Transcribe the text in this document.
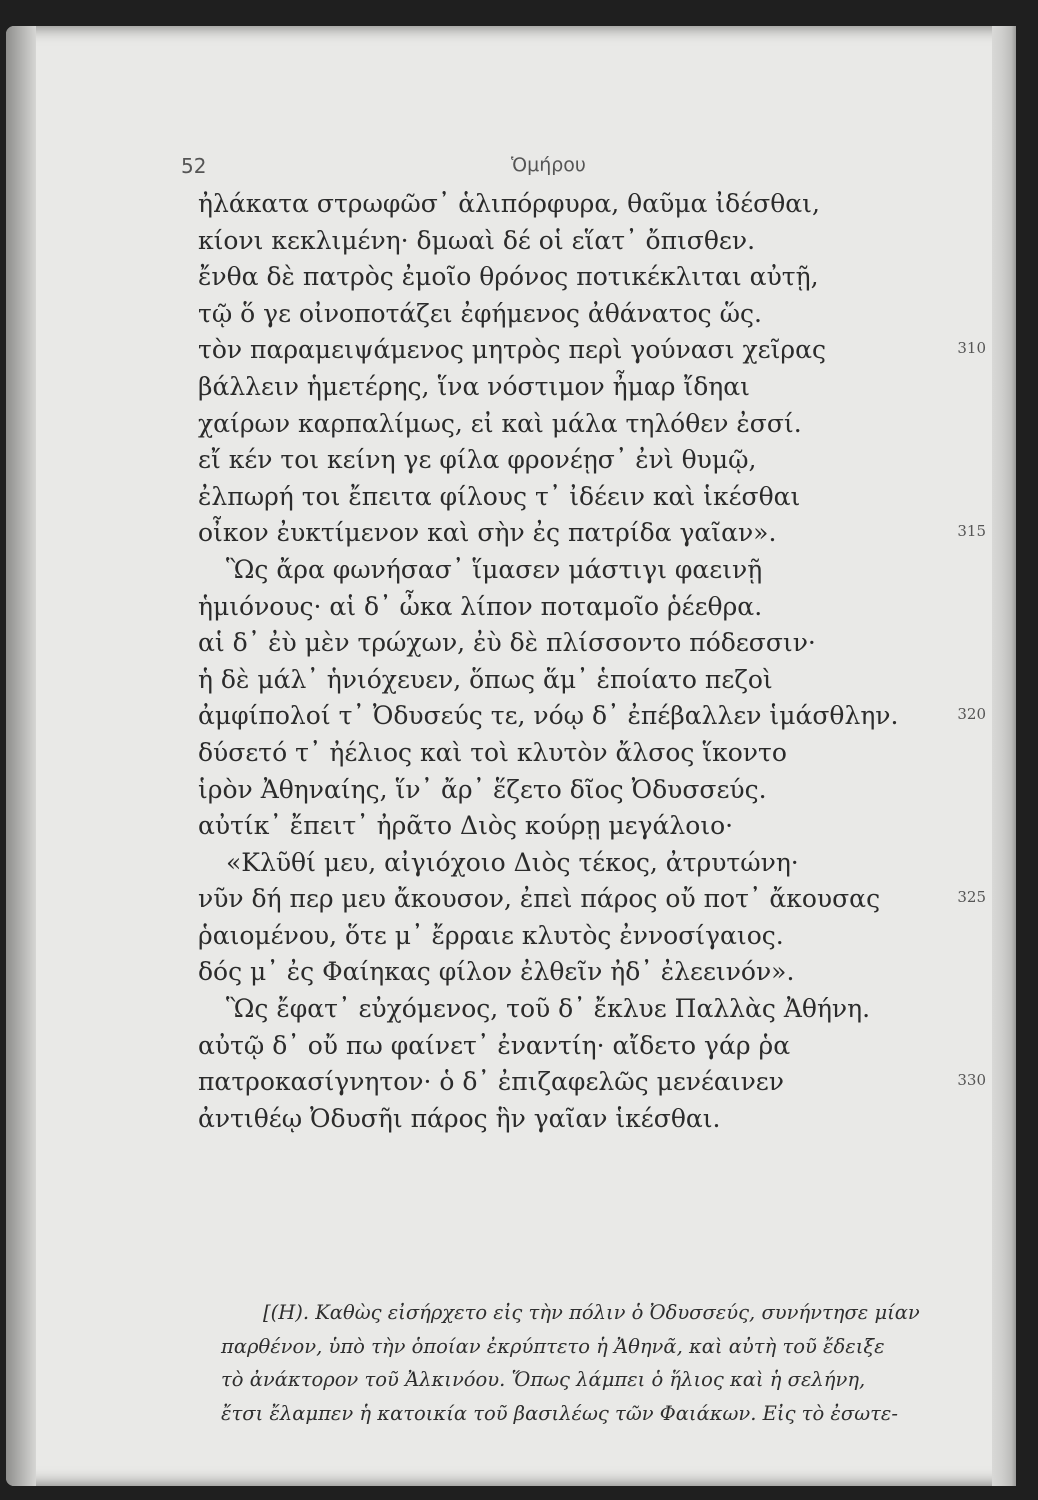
52	Ὁμήρου
ἠλάκατα στρωφῶσ᾽ ἁλιπόρφυρα, θαῦμα ἰδέσθαι,
κίονι κεκλιμένη· δμωαὶ δέ οἱ εἵατ᾽ ὄπισθεν.
ἔνθα δὲ πατρὸς ἐμοῖο θρόνος ποτικέκλιται αὐτῇ,
τῷ ὅ γε οἰνοποτάζει ἐφήμενος ἀθάνατος ὥς.
τὸν παραμειψάμενος μητρὸς περὶ γούνασι χεῖρας	310
βάλλειν ἡμετέρης, ἵνα νόστιμον ἦμαρ ἴδηαι
χαίρων καρπαλίμως, εἰ καὶ μάλα τηλόθεν ἐσσί.
εἴ κέν τοι κείνη γε φίλα φρονέῃσ᾽ ἐνὶ θυμῷ,
ἐλπωρή τοι ἔπειτα φίλους τ᾽ ἰδέειν καὶ ἱκέσθαι
οἶκον ἐυκτίμενον καὶ σὴν ἐς πατρίδα γαῖαν».	315
Ὣς ἄρα φωνήσασ᾽ ἵμασεν μάστιγι φαεινῇ
ἡμιόνους· αἱ δ᾽ ὦκα λίπον ποταμοῖο ῥέεθρα.
αἱ δ᾽ ἐὺ μὲν τρώχων, ἐὺ δὲ πλίσσοντο πόδεσσιν·
ἡ δὲ μάλ᾽ ἡνιόχευεν, ὅπως ἅμ᾽ ἑποίατο πεζοὶ
ἀμφίπολοί τ᾽ Ὀδυσεύς τε, νόῳ δ᾽ ἐπέβαλλεν ἱμάσθλην.	320
δύσετό τ᾽ ἠέλιος καὶ τοὶ κλυτὸν ἄλσος ἵκοντο
ἱρὸν Ἀθηναίης, ἵν᾽ ἄρ᾽ ἕζετο δῖος Ὀδυσσεύς.
αὐτίκ᾽ ἔπειτ᾽ ἠρᾶτο Διὸς κούρῃ μεγάλοιο·
«Κλῦθί μευ, αἰγιόχοιο Διὸς τέκος, ἀτρυτώνη·
νῦν δή περ μευ ἄκουσον, ἐπεὶ πάρος οὔ ποτ᾽ ἄκουσας	325
ῥαιομένου, ὅτε μ᾽ ἔρραιε κλυτὸς ἐννοσίγαιος.
δός μ᾽ ἐς Φαίηκας φίλον ἐλθεῖν ἠδ᾽ ἐλεεινόν».
Ὣς ἔφατ᾽ εὐχόμενος, τοῦ δ᾽ ἔκλυε Παλλὰς Ἀθήνη.
αὐτῷ δ᾽ οὔ πω φαίνετ᾽ ἐναντίη· αἴδετο γάρ ῥα
πατροκασίγνητον· ὁ δ᾽ ἐπιζαφελῶς μενέαινεν	330
ἀντιθέῳ Ὀδυσῆι πάρος ἣν γαῖαν ἱκέσθαι.
[(Η). Καθὼς εἰσήρχετο εἰς τὴν πόλιν ὁ Ὀδυσσεύς, συνήντησε μίαν
παρθένον, ὑπὸ τὴν ὁποίαν ἐκρύπτετο ἡ Ἀθηνᾶ, καὶ αὐτὴ τοῦ ἔδειξε
τὸ ἀνάκτορον τοῦ Ἀλκινόου. Ὅπως λάμπει ὁ ἥλιος καὶ ἡ σελήνη,
ἔτσι ἔλαμπεν ἡ κατοικία τοῦ βασιλέως τῶν Φαιάκων. Εἰς τὸ ἐσωτε-
